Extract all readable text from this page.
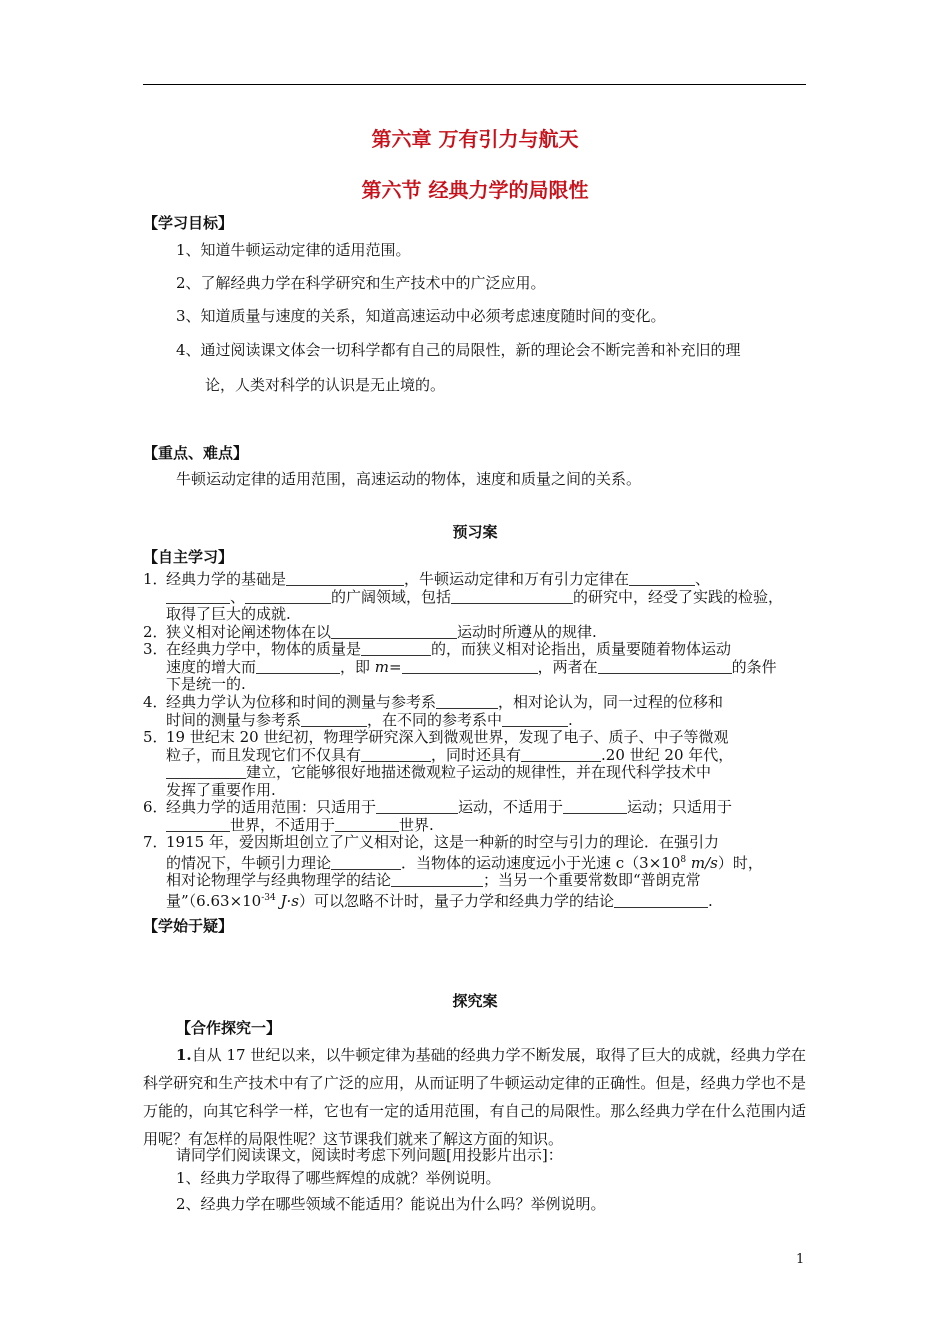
第六章 万有引力与航天
第六节 经典力学的局限性
【学习目标】
1、知道牛顿运动定律的适用范围。
2、了解经典力学在科学研究和生产技术中的广泛应用。
3、知道质量与速度的关系，知道高速运动中必须考虑速度随时间的变化。
4、通过阅读课文体会一切科学都有自己的局限性，新的理论会不断完善和补充旧的理
论，人类对科学的认识是无止境的。
【重点、难点】
牛顿运动定律的适用范围，高速运动的物体，速度和质量之间的关系。
预习案
【自主学习】
1．
经典力学的基础是	，牛顿运动定律和万有引力定律在	、
、	的广阔领域，包括	的研究中，经受了实践的检验，
取得了巨大的成就.
2．
狭义相对论阐述物体在以	运动时所遵从的规律.
3．
在经典力学中，物体的质量是	的，而狭义相对论指出，质量要随着物体运动
速度的增大而	，即 m=	，两者在	的条件
下是统一的.
4．
经典力学认为位移和时间的测量与参考系	，相对论认为，同一过程的位移和
时间的测量与参考系	，在不同的参考系中	.
5．
19 世纪末 20 世纪初，物理学研究深入到微观世界，发现了电子、质子、中子等微观
粒子，而且发现它们不仅具有	，同时还具有	.20 世纪 20 年代，
建立，它能够很好地描述微观粒子运动的规律性，并在现代科学技术中
发挥了重要作用.
6．
经典力学的适用范围：只适用于	运动，不适用于	运动；只适用于
世界，不适用于	世界.
7．
1915 年，爱因斯坦创立了广义相对论，这是一种新的时空与引力的理论．在强引力
的情况下，牛顿引力理论	．当物体的运动速度远小于光速 $c(3\times 10^8$ m/s）时，
相对论物理学与经典物理学的结论	；当另一个重要常数即“普朗克常
量$”(6.63\times 10^{-34}$ J·s）可以忽略不计时，量子力学和经典力学的结论	.
【学始于疑】
探究案
【合作探究一】
1.自从 17 世纪以来，以牛顿定律为基础的经典力学不断发展，取得了巨大的成就，经典力学在科学研究和生产技术中有了广泛的应用，从而证明了牛顿运动定律的正确性。但是，经典力学也不是万能的，向其它科学一样，它也有一定的适用范围，有自己的局限性。那么经典力学在什么范围内适用呢？有怎样的局限性呢？这节课我们就来了解这方面的知识。
请同学们阅读课文，阅读时考虑下列问题[用投影片出示]：
1、经典力学取得了哪些辉煌的成就？举例说明。
2、经典力学在哪些领域不能适用？能说出为什么吗？举例说明。
1
